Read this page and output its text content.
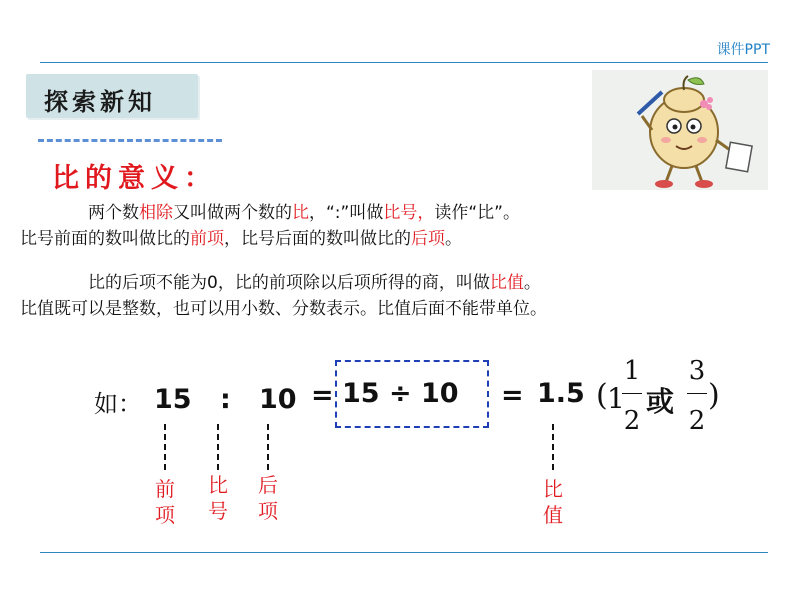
课件PPT
探索新知
比的意义：
两个数相除又叫做两个数的比，“:”叫做比号，读作“比”。
比号前面的数叫做比的前项，比号后面的数叫做比的后项。
比的后项不能为0，比的前项除以后项所得的商，叫做比值。
比值既可以是整数，也可以用小数、分数表示。比值后面不能带单位。
如： 15 : 10 = 15 ÷ 10 = 1.5 ( 1
1
2
或
3
2
)
前
项
比
号
后
项
比
值
